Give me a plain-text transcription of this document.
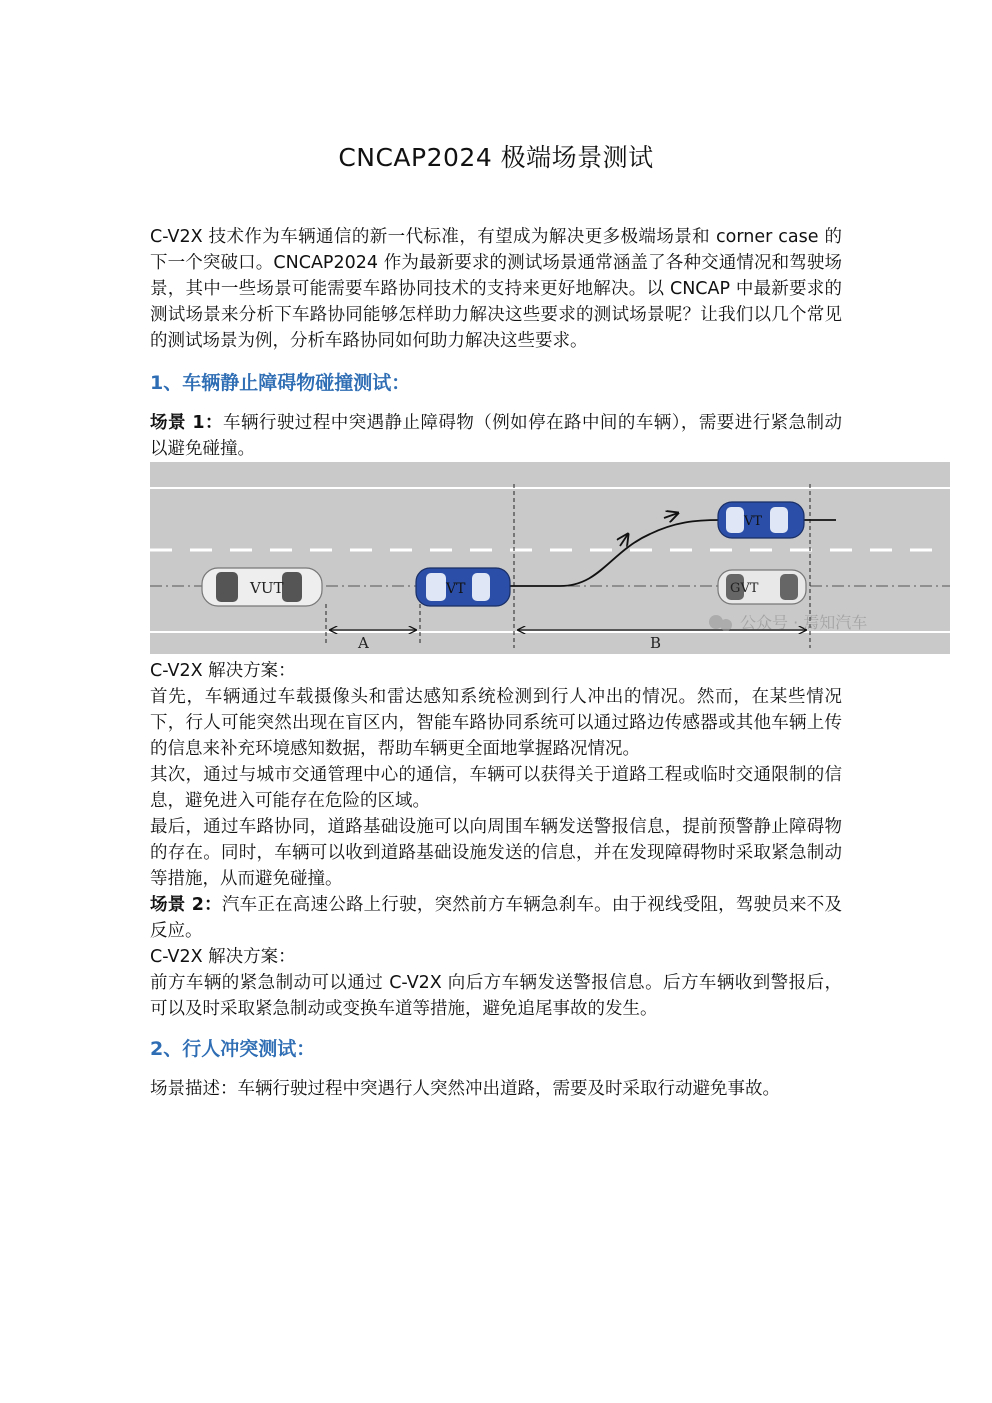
CNCAP2024 极端场景测试

C-V2X 技术作为车辆通信的新一代标准，有望成为解决更多极端场景和 corner case 的下一个突破口。CNCAP2024 作为最新要求的测试场景通常涵盖了各种交通情况和驾驶场景，其中一些场景可能需要车路协同技术的支持来更好地解决。以 CNCAP 中最新要求的测试场景来分析下车路协同能够怎样助力解决这些要求的测试场景呢？让我们以几个常见的测试场景为例，分析车路协同如何助力解决这些要求。

1、车辆静止障碍物碰撞测试：

场景 1：车辆行驶过程中突遇静止障碍物（例如停在路中间的车辆），需要进行紧急制动以避免碰撞。

VUT	VT
VT
GVT
A	B
公众号 · 焉知汽车

C-V2X 解决方案：

首先，车辆通过车载摄像头和雷达感知系统检测到行人冲出的情况。然而，在某些情况下，行人可能突然出现在盲区内，智能车路协同系统可以通过路边传感器或其他车辆上传的信息来补充环境感知数据，帮助车辆更全面地掌握路况情况。

其次，通过与城市交通管理中心的通信，车辆可以获得关于道路工程或临时交通限制的信息，避免进入可能存在危险的区域。

最后，通过车路协同，道路基础设施可以向周围车辆发送警报信息，提前预警静止障碍物的存在。同时，车辆可以收到道路基础设施发送的信息，并在发现障碍物时采取紧急制动等措施，从而避免碰撞。

场景 2：汽车正在高速公路上行驶，突然前方车辆急刹车。由于视线受阻，驾驶员来不及反应。

C-V2X 解决方案：

前方车辆的紧急制动可以通过 C-V2X 向后方车辆发送警报信息。后方车辆收到警报后，可以及时采取紧急制动或变换车道等措施，避免追尾事故的发生。

2、行人冲突测试：

场景描述：车辆行驶过程中突遇行人突然冲出道路，需要及时采取行动避免事故。
